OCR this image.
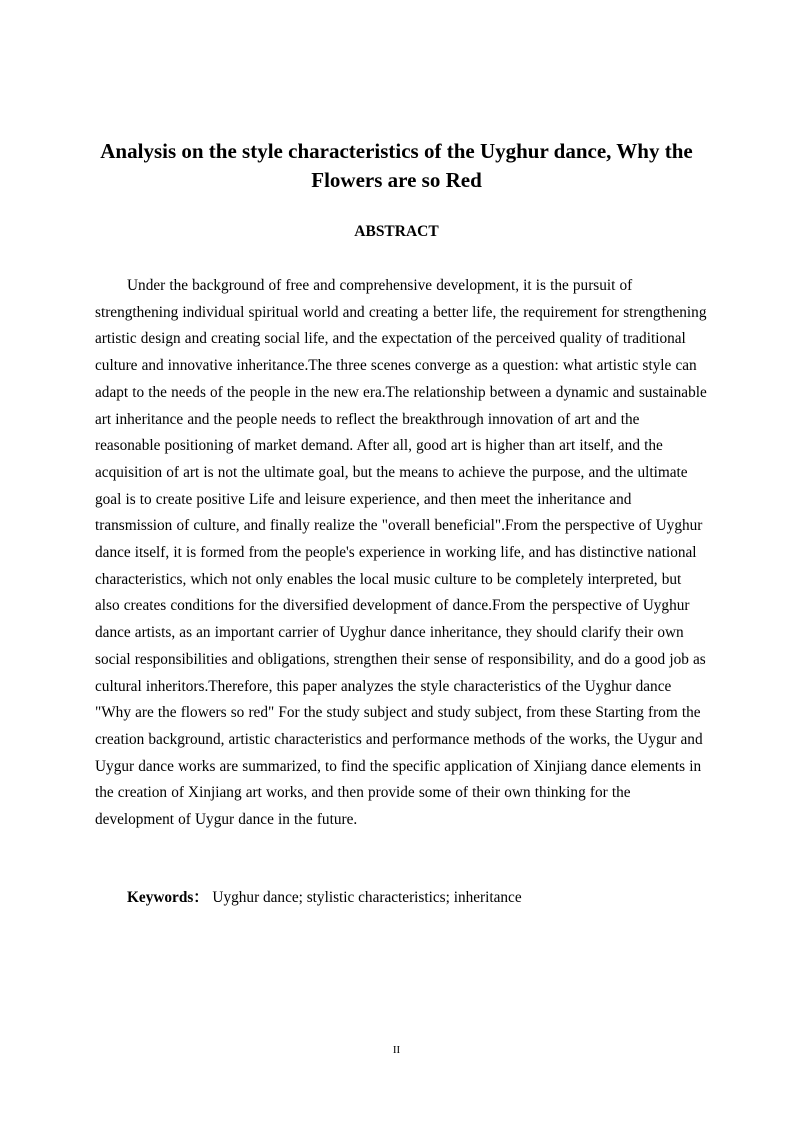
Analysis on the style characteristics of the Uyghur dance, Why the Flowers are so Red
ABSTRACT

Under the background of free and comprehensive development, it is the pursuit of strengthening individual spiritual world and creating a better life, the requirement for strengthening artistic design and creating social life, and the expectation of the perceived quality of traditional culture and innovative inheritance.The three scenes converge as a question: what artistic style can adapt to the needs of the people in the new era.The relationship between a dynamic and sustainable art inheritance and the people needs to reflect the breakthrough innovation of art and the reasonable positioning of market demand. After all, good art is higher than art itself, and the acquisition of art is not the ultimate goal, but the means to achieve the purpose, and the ultimate goal is to create positive Life and leisure experience, and then meet the inheritance and transmission of culture, and finally realize the "overall beneficial".From the perspective of Uyghur dance itself, it is formed from the people's experience in working life, and has distinctive national characteristics, which not only enables the local music culture to be completely interpreted, but also creates conditions for the diversified development of dance.From the perspective of Uyghur dance artists, as an important carrier of Uyghur dance inheritance, they should clarify their own social responsibilities and obligations, strengthen their sense of responsibility, and do a good job as cultural inheritors.Therefore, this paper analyzes the style characteristics of the Uyghur dance "Why are the flowers so red" For the study subject and study subject, from these Starting from the creation background, artistic characteristics and performance methods of the works, the Uygur and Uygur dance works are summarized, to find the specific application of Xinjiang dance elements in the creation of Xinjiang art works, and then provide some of their own thinking for the development of Uygur dance in the future.

Keywords： Uyghur dance; stylistic characteristics; inheritance

II
